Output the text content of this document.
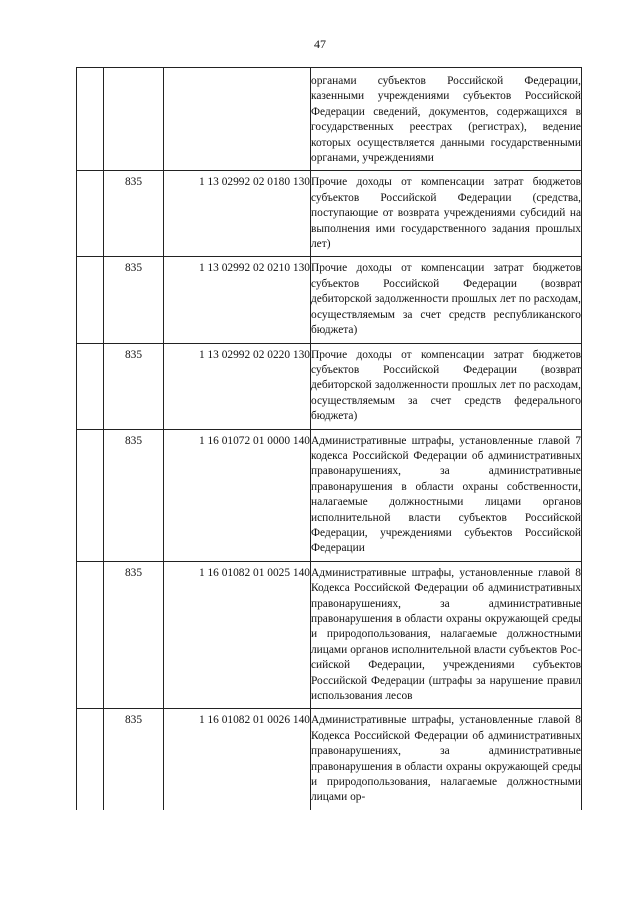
47
			органами субъектов Российской Федерации, казенными учреждениями субъектов Российской Федерации сведений, документов, содержащихся в государственных реестрах (регистрах), ведение которых осуществляется данными государственными органами, учреждениями
	835	1 13 02992 02 0180 130	Прочие доходы от компенсации затрат бюджетов субъектов Российской Федерации (средства, поступающие от возврата учреждениями субсидий на выполнения ими государственного задания прошлых лет)
	835	1 13 02992 02 0210 130	Прочие доходы от компенсации затрат бюджетов субъектов Российской Федерации (возврат дебиторской задолженности прошлых лет по расходам, осуществляемым за счет средств республиканского бюджета)
	835	1 13 02992 02 0220 130	Прочие доходы от компенсации затрат бюджетов субъектов Российской Федерации (возврат дебиторской задолженности прошлых лет по расходам, осуществляемым за счет средств федерального бюджета)
	835	1 16 01072 01 0000 140	Административные штрафы, установленные главой 7 кодекса Российской Федерации об административных правонарушениях, за административные правонарушения в области охраны собственности, налагаемые должностными лицами органов исполнительной власти субъектов Российской Федерации, учреждениями субъектов Российской Федерации
	835	1 16 01082 01 0025 140	Административные штрафы, установленные главой 8 Кодекса Российской Федерации об административных правонарушениях, за административные правонарушения в области охраны окружающей среды и природопользования, налагаемые должностными лицами органов исполнительной власти субъектов Российской Федерации, учреждениями субъектов Российской Федерации (штрафы за нарушение правил использования лесов
	835	1 16 01082 01 0026 140	Административные штрафы, установленные главой 8 Кодекса Российской Федерации об административных правонарушениях, за административные правонарушения в области охраны окружающей среды и природопользования, налагаемые должностными лицами ор-
